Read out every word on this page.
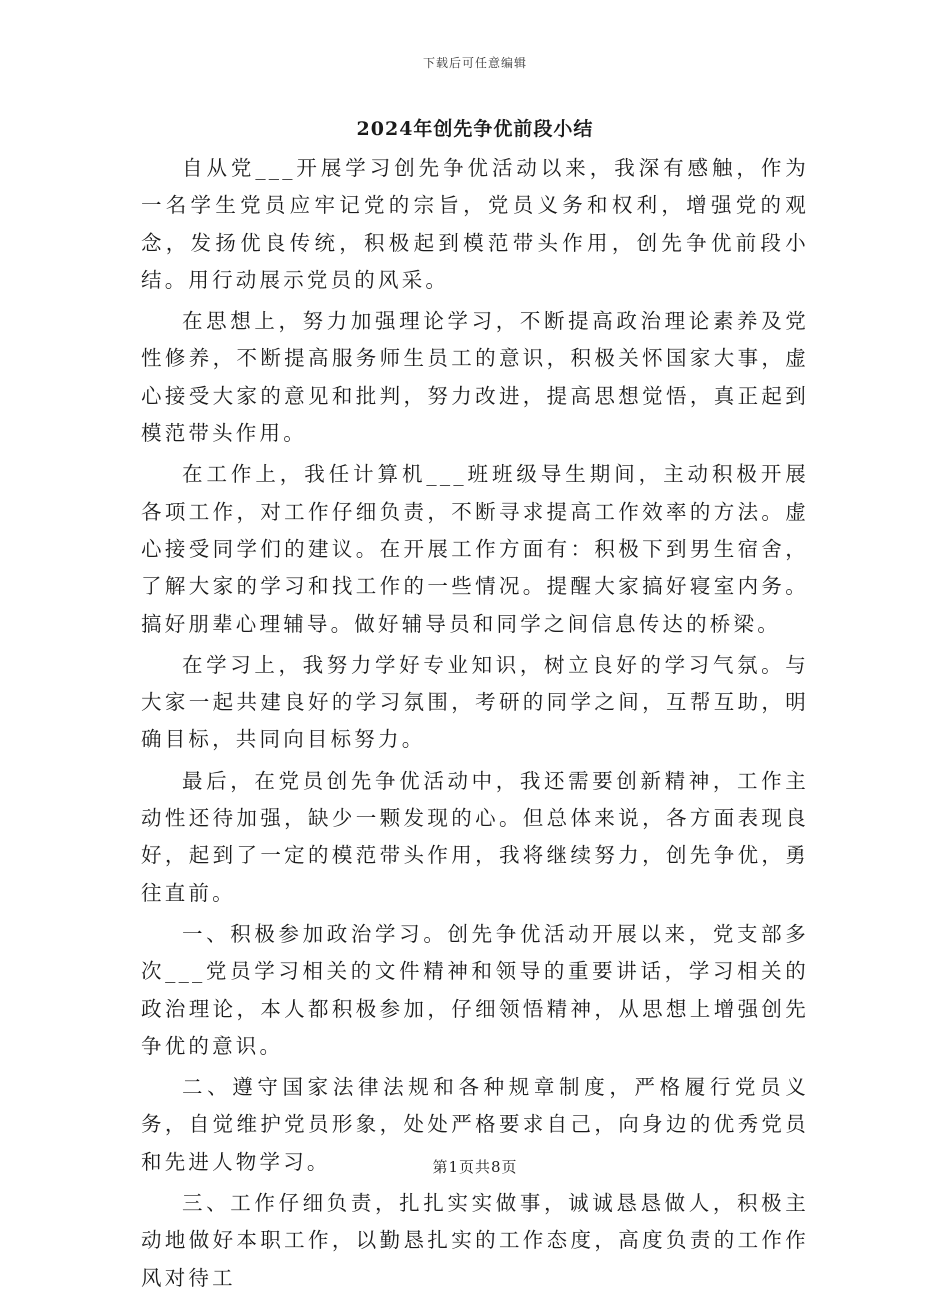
下载后可任意编辑
2024年创先争优前段小结

自从党___开展学习创先争优活动以来，我深有感触，作为一名学生党员应牢记党的宗旨，党员义务和权利，增强党的观念，发扬优良传统，积极起到模范带头作用，创先争优前段小结。用行动展示党员的风采。

在思想上，努力加强理论学习，不断提高政治理论素养及党性修养，不断提高服务师生员工的意识，积极关怀国家大事，虚心接受大家的意见和批判，努力改进，提高思想觉悟，真正起到模范带头作用。

在工作上，我任计算机___班班级导生期间，主动积极开展各项工作，对工作仔细负责，不断寻求提高工作效率的方法。虚心接受同学们的建议。在开展工作方面有：积极下到男生宿舍，了解大家的学习和找工作的一些情况。提醒大家搞好寝室内务。搞好朋辈心理辅导。做好辅导员和同学之间信息传达的桥梁。

在学习上，我努力学好专业知识，树立良好的学习气氛。与大家一起共建良好的学习氛围，考研的同学之间，互帮互助，明确目标，共同向目标努力。

最后，在党员创先争优活动中，我还需要创新精神，工作主动性还待加强，缺少一颗发现的心。但总体来说，各方面表现良好，起到了一定的模范带头作用，我将继续努力，创先争优，勇往直前。

一、积极参加政治学习。创先争优活动开展以来，党支部多次___党员学习相关的文件精神和领导的重要讲话，学习相关的政治理论，本人都积极参加，仔细领悟精神，从思想上增强创先争优的意识。

二、遵守国家法律法规和各种规章制度，严格履行党员义务，自觉维护党员形象，处处严格要求自己，向身边的优秀党员和先进人物学习。

三、工作仔细负责，扎扎实实做事，诚诚恳恳做人，积极主动地做好本职工作，以勤恳扎实的工作态度，高度负责的工作作风对待工

第1页共8页
